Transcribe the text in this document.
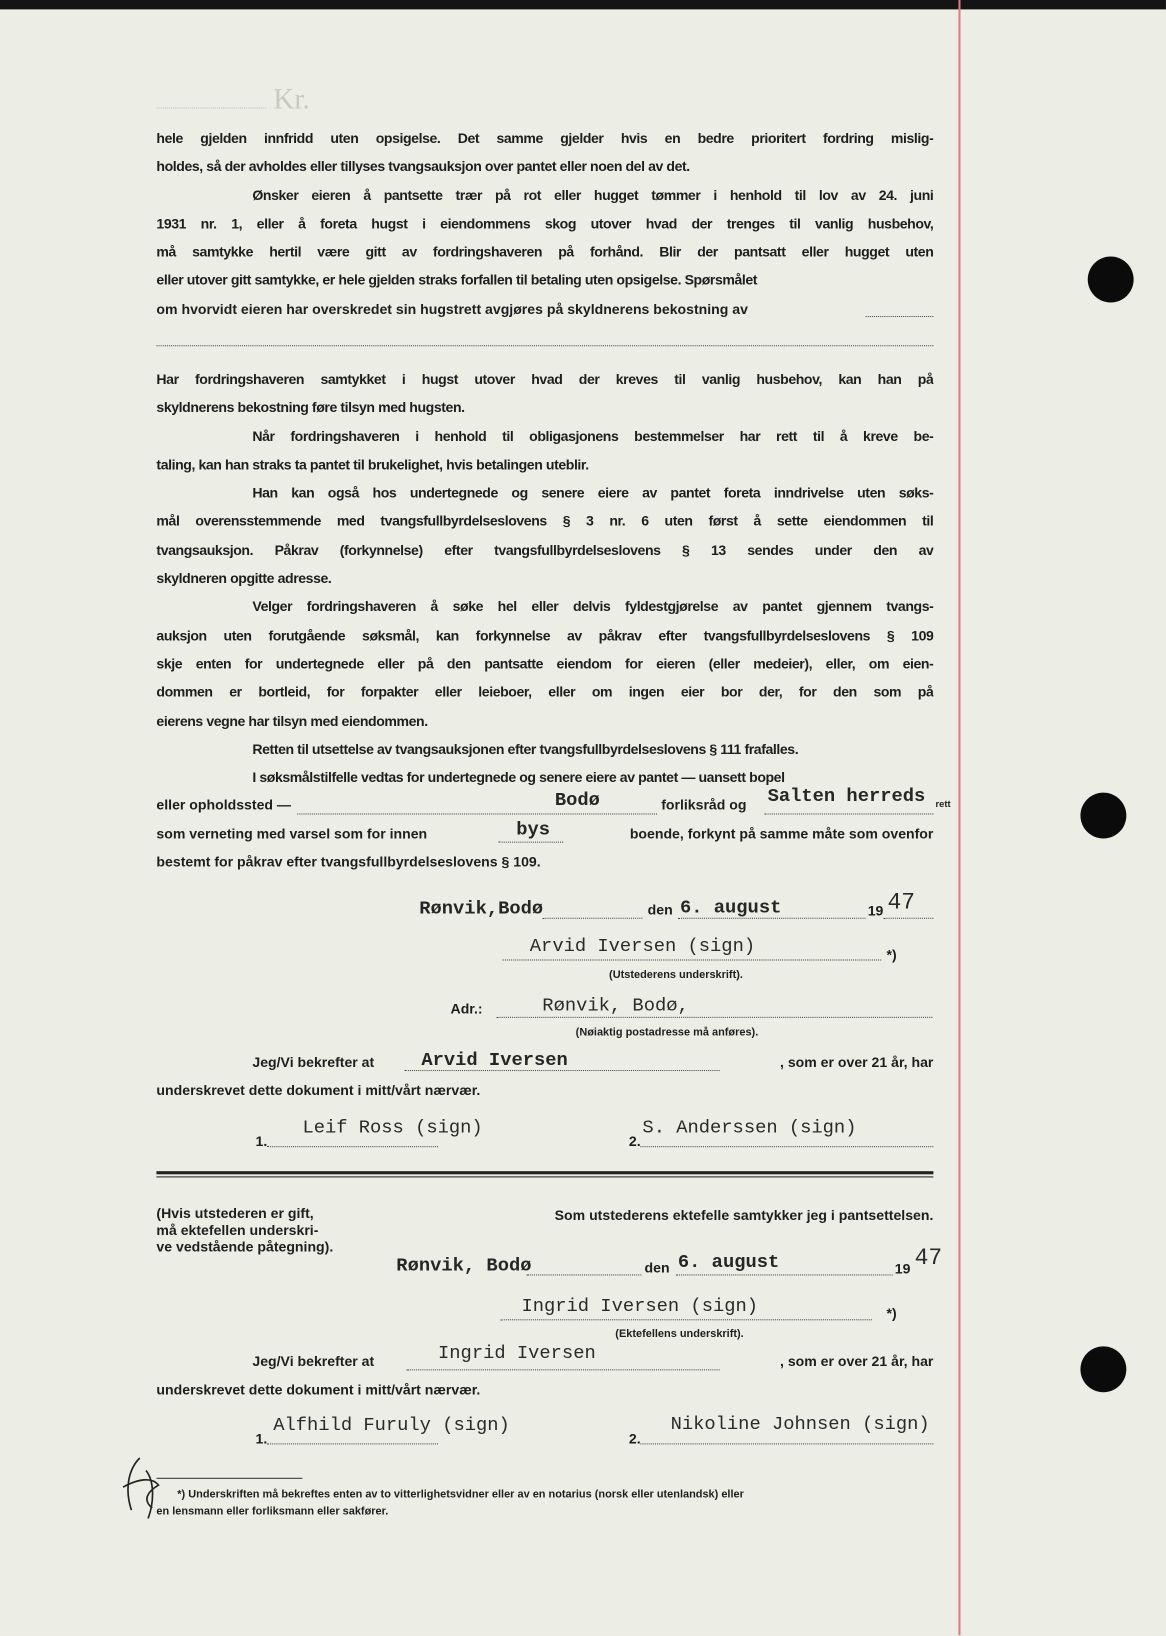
Kr.
hele gjelden innfridd uten opsigelse. Det samme gjelder hvis en bedre prioritert fordring mislig-
holdes, så der avholdes eller tillyses tvangsauksjon over pantet eller noen del av det.
Ønsker eieren å pantsette trær på rot eller hugget tømmer i henhold til lov av 24. juni
1931 nr. 1, eller å foreta hugst i eiendommens skog utover hvad der trenges til vanlig husbehov,
må samtykke hertil være gitt av fordringshaveren på forhånd. Blir der pantsatt eller hugget uten
eller utover gitt samtykke, er hele gjelden straks forfallen til betaling uten opsigelse. Spørsmålet
om hvorvidt eieren har overskredet sin hugstrett avgjøres på skyldnerens bekostning av
Har fordringshaveren samtykket i hugst utover hvad der kreves til vanlig husbehov, kan han på
skyldnerens bekostning føre tilsyn med hugsten.
Når fordringshaveren i henhold til obligasjonens bestemmelser har rett til å kreve be-
taling, kan han straks ta pantet til brukelighet, hvis betalingen uteblir.
Han kan også hos undertegnede og senere eiere av pantet foreta inndrivelse uten søks-
mål overensstemmende med tvangsfullbyrdelseslovens § 3 nr. 6 uten først å sette eiendommen til
tvangsauksjon. Påkrav (forkynnelse) efter tvangsfullbyrdelseslovens § 13 sendes under den av
skyldneren opgitte adresse.
Velger fordringshaveren å søke hel eller delvis fyldestgjørelse av pantet gjennem tvangs-
auksjon uten forutgående søksmål, kan forkynnelse av påkrav efter tvangsfullbyrdelseslovens § 109
skje enten for undertegnede eller på den pantsatte eiendom for eieren (eller medeier), eller, om eien-
dommen er bortleid, for forpakter eller leieboer, eller om ingen eier bor der, for den som på
eierens vegne har tilsyn med eiendommen.
Retten til utsettelse av tvangsauksjonen efter tvangsfullbyrdelseslovens § 111 frafalles.
I søksmålstilfelle vedtas for undertegnede og senere eiere av pantet — uansett bopel
eller opholdssted —	Bodø	forliksråd og Salten herreds rett
som verneting med varsel som for innen	bys	boende, forkynt på samme måte som ovenfor
bestemt for påkrav efter tvangsfullbyrdelseslovens § 109.
Rønvik,Bodø	den 6. august	19 47
Arvid Iversen (sign)	*)
(Utstederens underskrift).
Adr.:	Rønvik, Bodø,
(Nøiaktig postadresse må anføres).
Jeg/Vi bekrefter at	Arvid Iversen	, som er over 21 år, har
underskrevet dette dokument i mitt/vårt nærvær.
1.
Leif Ross (sign)
2.
S. Anderssen (sign)
(Hvis utstederen er gift,
må ektefellen underskri-
ve vedstående påtegning).
Som utstederens ektefelle samtykker jeg i pantsettelsen.
Rønvik, Bodø	den 6. august	19 47
Ingrid Iversen (sign)	*)
(Ektefellens underskrift).
Jeg/Vi bekrefter at	Ingrid Iversen	, som er over 21 år, har
underskrevet dette dokument i mitt/vårt nærvær.
1.
Alfhild Furuly (sign)
2.
Nikoline Johnsen (sign)
*) Underskriften må bekreftes enten av to vitterlighetsvidner eller av en notarius (norsk eller utenlandsk) eller
en lensmann eller forliksmann eller sakfører.
